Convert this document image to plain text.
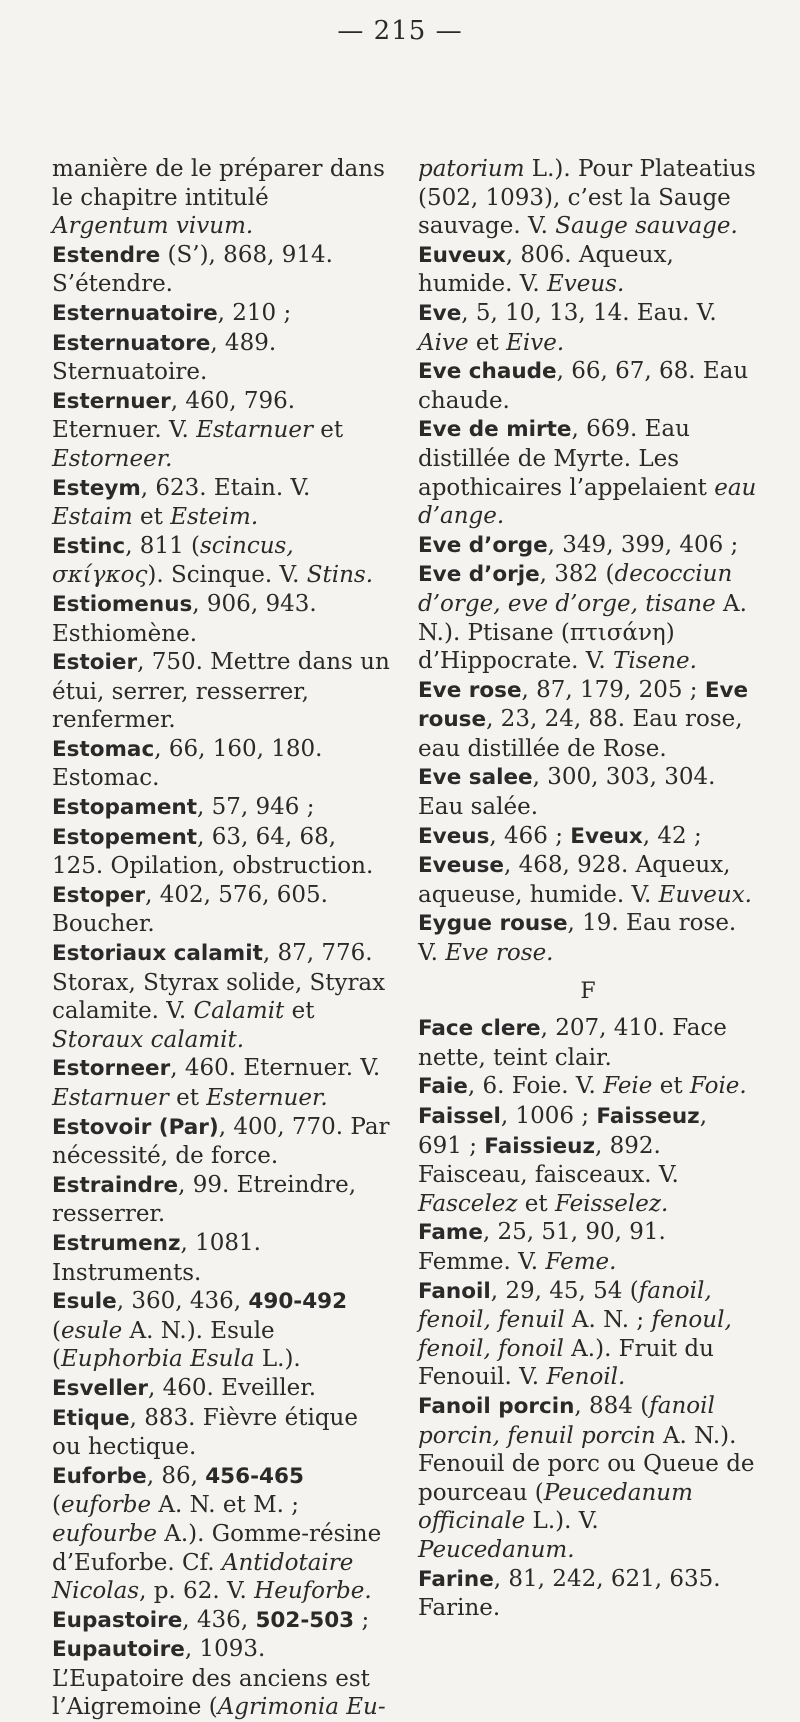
— 215 —

manière de le préparer dans le chapitre intitulé Argentum vivum.

Estendre (S’), 868, 914. S’étendre.

Esternuatoire, 210 ; Esternuatore, 489. Sternuatoire.

Esternuer, 460, 796. Eternuer. V. Estarnuer et Estorneer.

Esteym, 623. Etain. V. Estaim et Esteim.

Estinc, 811 (scincus, σκίγκος). Scinque. V. Stins.

Estiomenus, 906, 943. Esthiomène.

Estoier, 750. Mettre dans un étui, serrer, resserrer, renfermer.

Estomac, 66, 160, 180. Estomac.

Estopament, 57, 946 ; Estopement, 63, 64, 68, 125. Opilation, obstruction.

Estoper, 402, 576, 605. Boucher.

Estoriaux calamit, 87, 776. Storax, Styrax solide, Styrax calamite. V. Calamit et Storaux calamit.

Estorneer, 460. Eternuer. V. Estarnuer et Esternuer.

Estovoir (Par), 400, 770. Par nécessité, de force.

Estraindre, 99. Etreindre, resserrer.

Estrumenz, 1081. Instruments.

Esule, 360, 436, 490-492 (esule A. N.). Esule (Euphorbia Esula L.).

Esveller, 460. Eveiller.

Etique, 883. Fièvre étique ou hectique.

Euforbe, 86, 456-465 (euforbe A. N. et M. ; eufourbe A.). Gomme-résine d’Euforbe. Cf. Antidotaire Nicolas, p. 62. V. Heuforbe.

Eupastoire, 436, 502-503 ; Eupautoire, 1093. L’Eupatoire des anciens est l’Aigremoine (Agrimonia Eu-

patorium L.). Pour Plateatius (502, 1093), c’est la Sauge sauvage. V. Sauge sauvage.

Euveux, 806. Aqueux, humide. V. Eveus.

Eve, 5, 10, 13, 14. Eau. V. Aive et Eive.

Eve chaude, 66, 67, 68. Eau chaude.

Eve de mirte, 669. Eau distillée de Myrte. Les apothicaires l’appelaient eau d’ange.

Eve d’orge, 349, 399, 406 ; Eve d’orje, 382 (decocciun d’orge, eve d’orge, tisane A. N.). Ptisane (πτισάνη) d’Hippocrate. V. Tisene.

Eve rose, 87, 179, 205 ; Eve rouse, 23, 24, 88. Eau rose, eau distillée de Rose.

Eve salee, 300, 303, 304. Eau salée.

Eveus, 466 ; Eveux, 42 ; Eveuse, 468, 928. Aqueux, aqueuse, humide. V. Euveux.

Eygue rouse, 19. Eau rose. V. Eve rose.

F

Face clere, 207, 410. Face nette, teint clair.

Faie, 6. Foie. V. Feie et Foie.

Faissel, 1006 ; Faisseuz, 691 ; Faissieuz, 892. Faisceau, faisceaux. V. Fascelez et Feisselez.

Fame, 25, 51, 90, 91. Femme. V. Feme.

Fanoil, 29, 45, 54 (fanoil, fenoil, fenuil A. N. ; fenoul, fenoil, fonoil A.). Fruit du Fenouil. V. Fenoil.

Fanoil porcin, 884 (fanoil porcin, fenuil porcin A. N.). Fenouil de porc ou Queue de pourceau (Peucedanum officinale L.). V. Peucedanum.

Farine, 81, 242, 621, 635. Farine.
